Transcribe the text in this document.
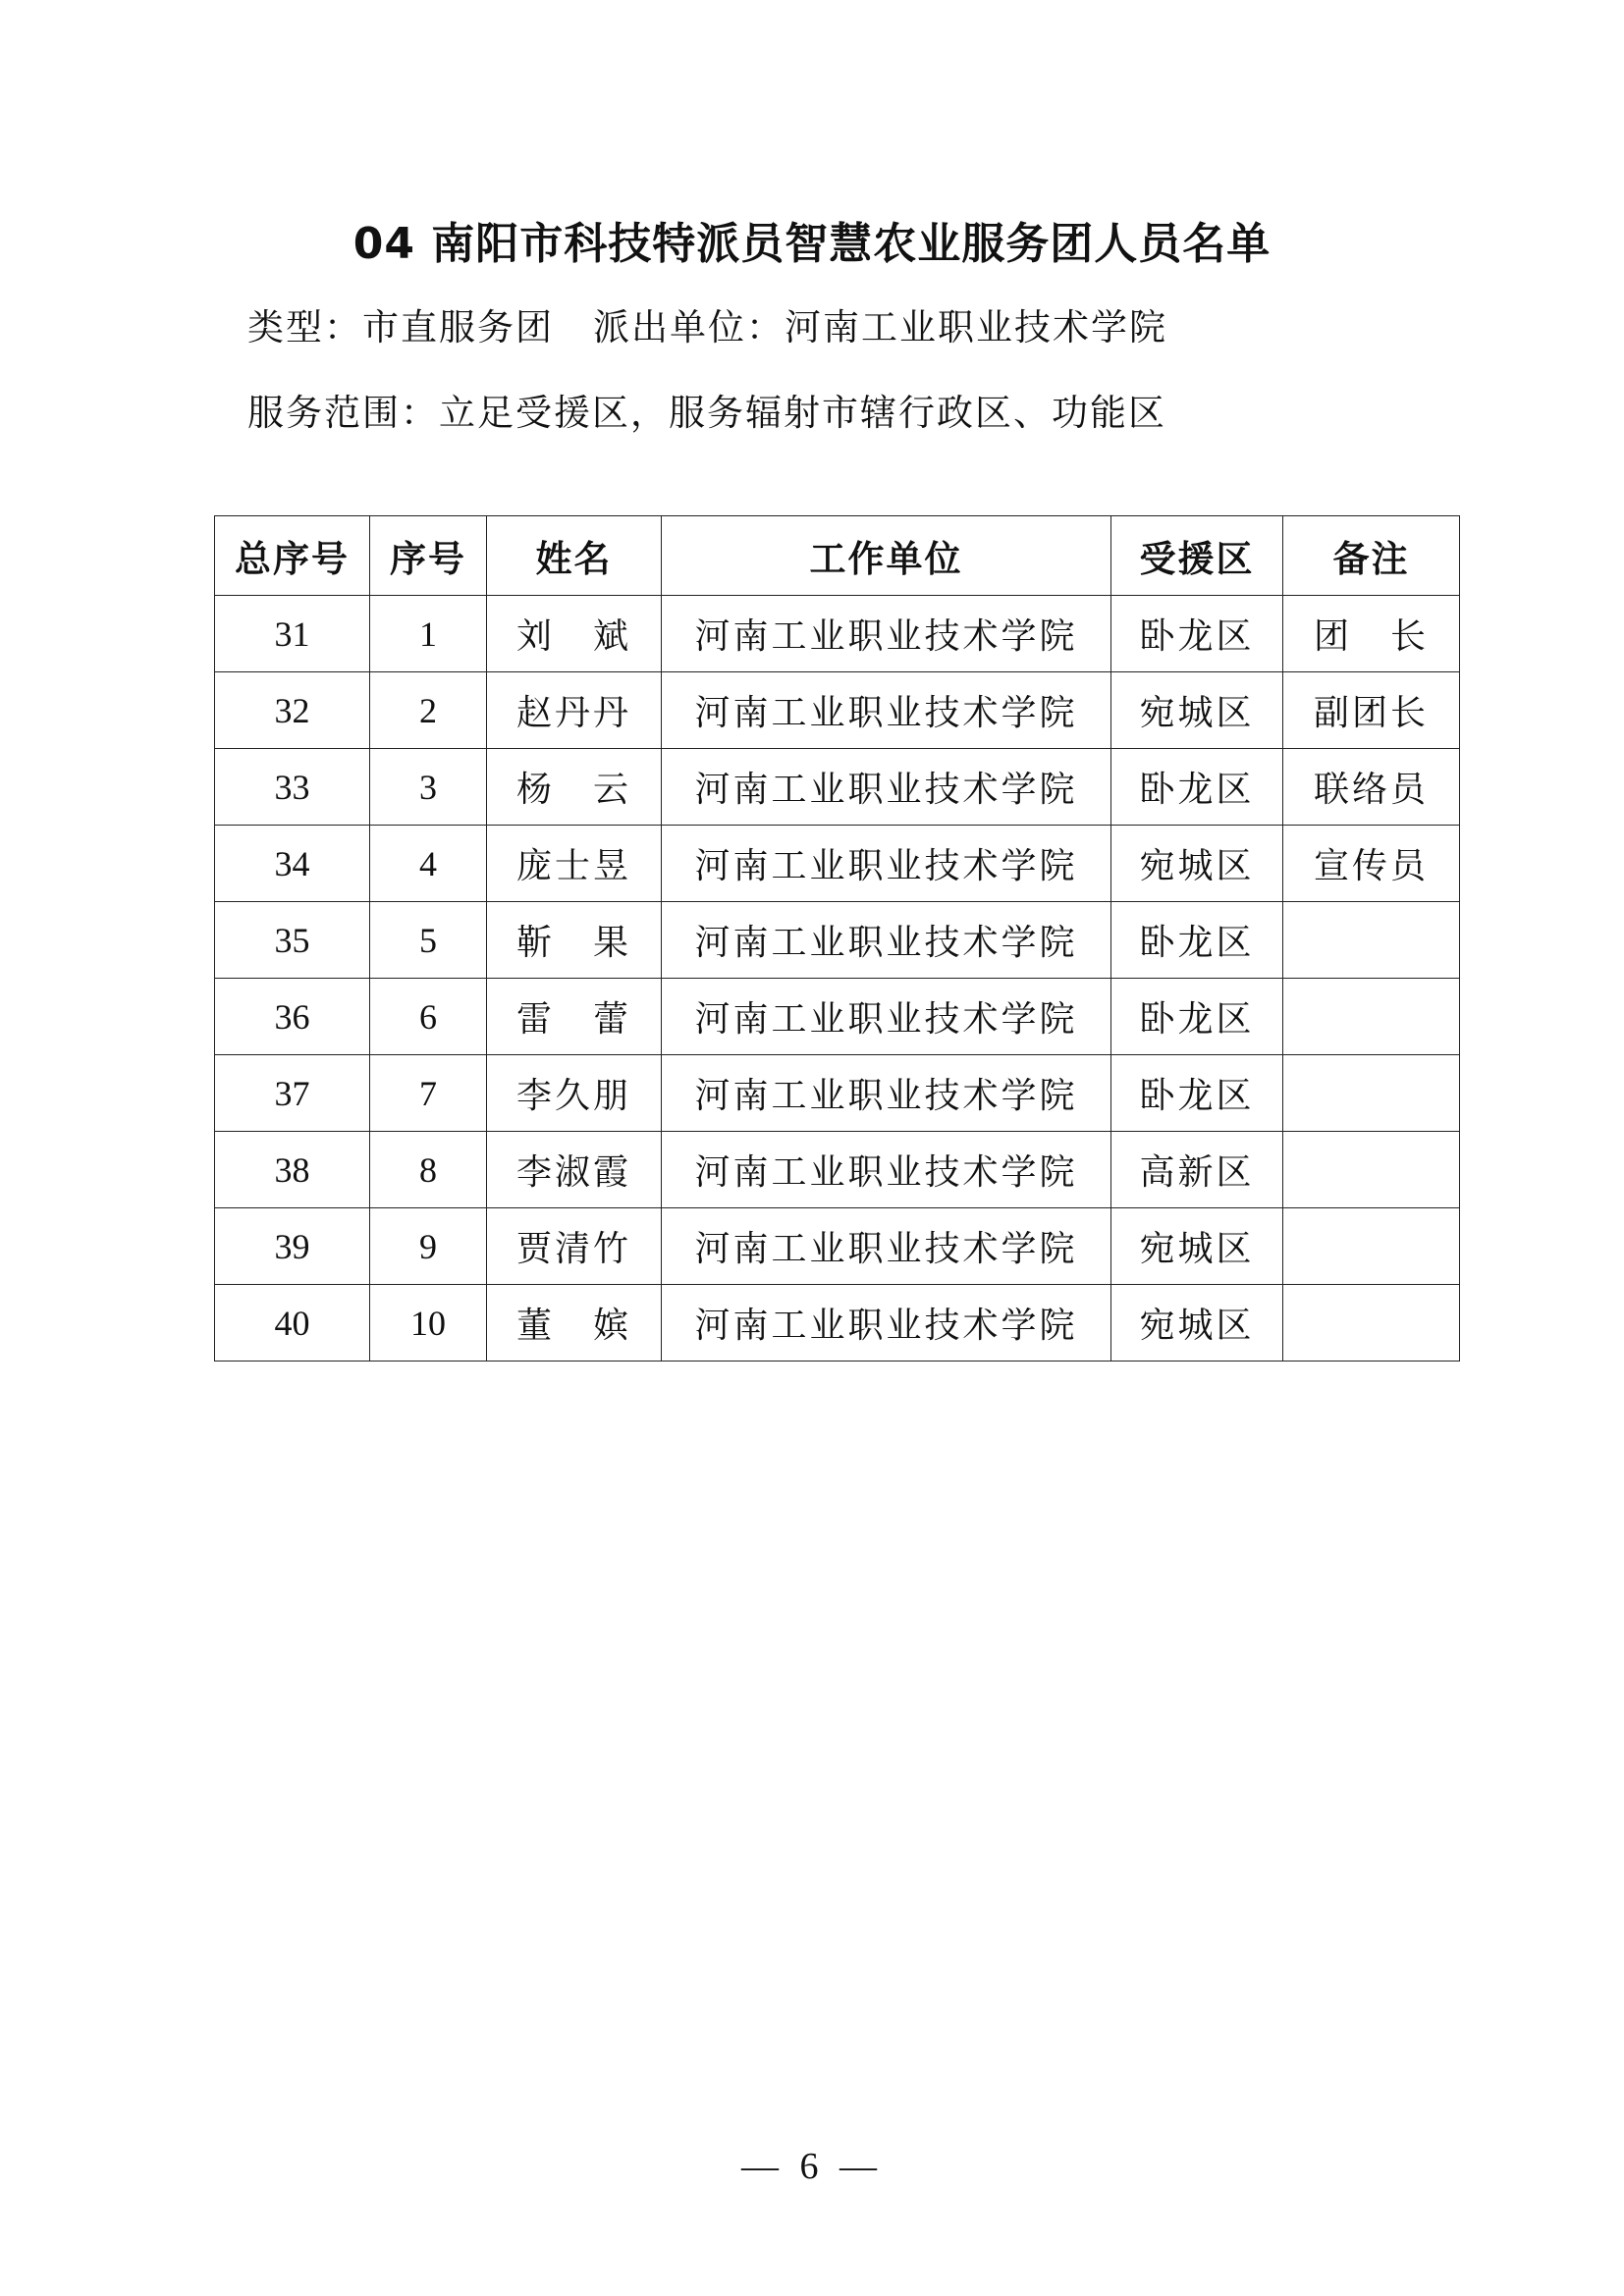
04 南阳市科技特派员智慧农业服务团人员名单
类型：市直服务团 派出单位：河南工业职业技术学院
服务范围：立足受援区，服务辐射市辖行政区、功能区
总序号	序号	姓名	工作单位	受援区	备注
31	1	刘　斌	河南工业职业技术学院	卧龙区	团　长
32	2	赵丹丹	河南工业职业技术学院	宛城区	副团长
33	3	杨　云	河南工业职业技术学院	卧龙区	联络员
34	4	庞士昱	河南工业职业技术学院	宛城区	宣传员
35	5	靳　果	河南工业职业技术学院	卧龙区	
36	6	雷　蕾	河南工业职业技术学院	卧龙区	
37	7	李久朋	河南工业职业技术学院	卧龙区	
38	8	李淑霞	河南工业职业技术学院	高新区	
39	9	贾清竹	河南工业职业技术学院	宛城区	
40	10	董　嫔	河南工业职业技术学院	宛城区	
— 6 —
